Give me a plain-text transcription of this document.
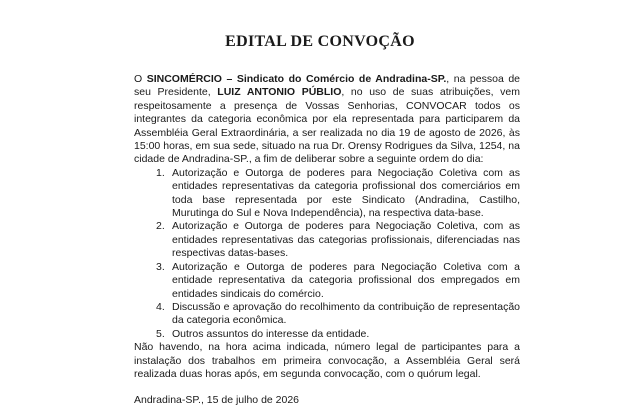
EDITAL DE CONVOÇÃO

O SINCOMÉRCIO – Sindicato do Comércio de Andradina-SP., na pessoa de seu Presidente, LUIZ ANTONIO PÚBLIO, no uso de suas atribuições, vem respeitosamente a presença de Vossas Senhorias, CONVOCAR todos os integrantes da categoria econômica por ela representada para participarem da Assembléia Geral Extraordinária, a ser realizada no dia 19 de agosto de 2026, às 15:00 horas, em sua sede, situado na rua Dr. Orensy Rodrigues da Silva, 1254, na cidade de Andradina-SP., a fim de deliberar sobre a seguinte ordem do dia:

1. Autorização e Outorga de poderes para Negociação Coletiva com as entidades representativas da categoria profissional dos comerciários em toda base representada por este Sindicato (Andradina, Castilho, Murutinga do Sul e Nova Independência), na respectiva data-base.
2. Autorização e Outorga de poderes para Negociação Coletiva, com as entidades representativas das categorias profissionais, diferenciadas nas respectivas datas-bases.
3. Autorização e Outorga de poderes para Negociação Coletiva com a entidade representativa da categoria profissional dos empregados em entidades sindicais do comércio.
4. Discussão e aprovação do recolhimento da contribuição de representação da categoria econômica.
5. Outros assuntos do interesse da entidade.

Não havendo, na hora acima indicada, número legal de participantes para a instalação dos trabalhos em primeira convocação, a Assembléia Geral será realizada duas horas após, em segunda convocação, com o quórum legal.

Andradina-SP., 15 de julho de 2026
